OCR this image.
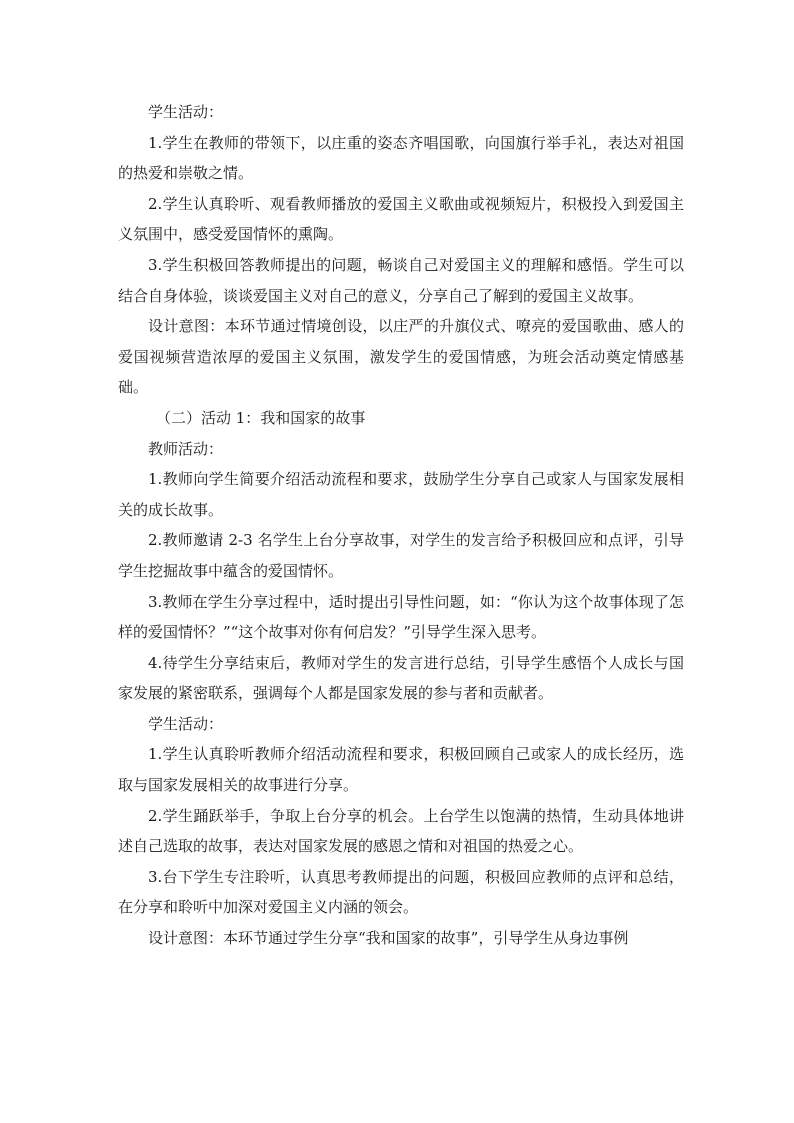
学生活动：

1.学生在教师的带领下，以庄重的姿态齐唱国歌，向国旗行举手礼，表达对祖国的热爱和崇敬之情。

2.学生认真聆听、观看教师播放的爱国主义歌曲或视频短片，积极投入到爱国主义氛围中，感受爱国情怀的熏陶。

3.学生积极回答教师提出的问题，畅谈自己对爱国主义的理解和感悟。学生可以结合自身体验，谈谈爱国主义对自己的意义，分享自己了解到的爱国主义故事。

设计意图：本环节通过情境创设，以庄严的升旗仪式、嘹亮的爱国歌曲、感人的爱国视频营造浓厚的爱国主义氛围，激发学生的爱国情感，为班会活动奠定情感基础。

（二）活动 1：我和国家的故事

教师活动：

1.教师向学生简要介绍活动流程和要求，鼓励学生分享自己或家人与国家发展相关的成长故事。

2.教师邀请 2-3 名学生上台分享故事，对学生的发言给予积极回应和点评，引导学生挖掘故事中蕴含的爱国情怀。

3.教师在学生分享过程中，适时提出引导性问题，如：“你认为这个故事体现了怎样的爱国情怀？”“这个故事对你有何启发？”引导学生深入思考。

4.待学生分享结束后，教师对学生的发言进行总结，引导学生感悟个人成长与国家发展的紧密联系，强调每个人都是国家发展的参与者和贡献者。

学生活动：

1.学生认真聆听教师介绍活动流程和要求，积极回顾自己或家人的成长经历，选取与国家发展相关的故事进行分享。

2.学生踊跃举手，争取上台分享的机会。上台学生以饱满的热情，生动具体地讲述自己选取的故事，表达对国家发展的感恩之情和对祖国的热爱之心。

3.台下学生专注聆听，认真思考教师提出的问题，积极回应教师的点评和总结，在分享和聆听中加深对爱国主义内涵的领会。

设计意图：本环节通过学生分享“我和国家的故事”，引导学生从身边事例
